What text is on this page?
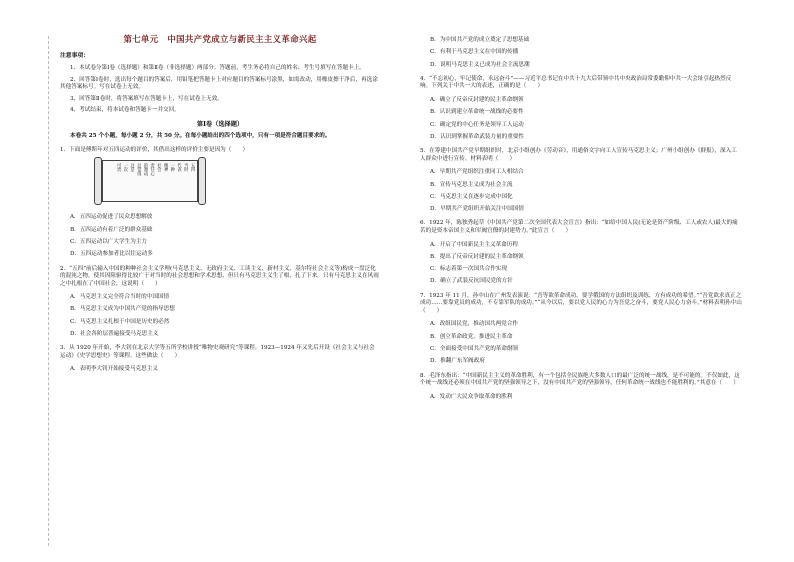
第七单元　中国共产党成立与新民主主义革命兴起
注意事项：
1、本试卷分第Ⅰ卷（选择题）和第Ⅱ卷（非选择题）两部分。答题前，考生务必将自己的姓名、考生号填写在答题卡上。
2、回答第Ⅰ卷时，选出每个题目的答案后，用铅笔把答题卡上对应题目的答案标号涂黑，如需改动，用橡皮擦干净后，再选涂其他答案标号。写在试卷上无效。
3、回答第Ⅱ卷时，将答案填写在答题卡上，写在试卷上无效。
4、考试结束，将本试卷和答题卡一并交回。
第Ⅰ卷（选择题）
本卷共 25 个小题，每小题 2 分，共 50 分。在每小题给出的四个选项中，只有一项是符合题目要求的。
1．下面是傅斯年对五四运动的评价，其借出这样的评价主要是因为（　　）
五四
当时
代表
一种
精神
社会
责任心
的激动
总觉得
这是
一次
可贵
A．五四运动促进了民众思想解放
B．五四运动有着广泛的群众基础
C．五四运动以广大学生为主力
D．五四运动参加者比以往运动多
2．“五四”前后输入中国的种种社会主义学理(马克思主义、无政府主义、工读主义、新村主义、基尔特社会主义等)构成一盘泛化的混沌之物，使其因阻驱得比较广于对当时的社会思想和学术思想，但只有马克思主义生了根，扎了下来。只有马克思主义在风雨之中扎根在了中国社会，这说明（　　）
A．马克思主义完全符合当时的中国国情
B．马克思主义成为中国共产党的指导思想
C．马克思主义扎根于中国是历史的必然
D．社会各阶层普遍接受马克思主义
3．从 1920 年开始，李大钊在北京大学等五所学校讲授“唯物史观研究”等课程。1923—1924 年又先后开设《社会主义与社会运动》《史学思想史》等课程。这些做法（　　）
A．表明李大钊开始接受马克思主义
B．为中国共产党的成立奠定了思想基础
C．有利于马克思主义在中国的传播
D．说明马克思主义已成为社会主流思潮
4．“不忘初心，牢记使命，永远奋斗”——习近平总书记在中共十九大后带领中共中央政治局常委瞻仰中共一大会址引起热烈反响。下列关于中共一大的表述，正确的是（　　）
A．确立了反帝反封建的民主革命纲领
B．认识到建立革命统一战线的必要性
C．确定党的中心任务是领导工人运动
D．认识到掌握革命武装力量的重要性
5．在筹建中国共产党早期组织时，北京小组创办《劳动音》，用通俗文字向工人宣传马克思主义；广州小组创办《群报》，深入工人群众中进行宣传。材料表明（　　）
A．早期共产党组织注重同工人相结合
B．宣传马克思主义成为社会主流
C．马克思主义在逐步完成中国化
D．早期共产党组织开始关注中国国情
6．1922 年，陈独秀起草《中国共产党第二次全国代表大会宣言》指出：“如给中国人民(无论是资产阶级、工人或农人)最大的痛苦的是资本帝国主义和军阀官僚的封建势力。”此宣言（　　）
A．开启了中国新民主主义革命历程
B．提出了反帝反封建的民主革命纲领
C．标志着第一次国共合作实现
D．确立了武装反抗国民党的方针
7．1923 年 11 月，孙中山在广州发表演说：“吾等欲革命成功，要学俄国的方法组织及训练，方有成功的希望。”“吾党欲求真正之成功……要靠党员的成功，不专靠军队的成功。”“从今以后，要以党人民的心力为吾党之奋斗，要党人民心力奋斗。”材料表明孙中山（　　）
A．改组国民党，推动国共两党合作
B．创立革命政党，推进民主革命
C．全面接受中国共产党的革命纲领
D．推翻广东军阀政府
8．毛泽东指出：“中国新民主主义的革命胜利，有一个包括全民族绝大多数人口的最广泛的统一战线，是不可能的。不仅如此，这个统一战线还必须在中国共产党的坚强领导之下，没有中国共产党的坚强领导，任何革命统一战线也不能胜利的。”其意在（　　）
A．发动广大民众争取革命的胜利
